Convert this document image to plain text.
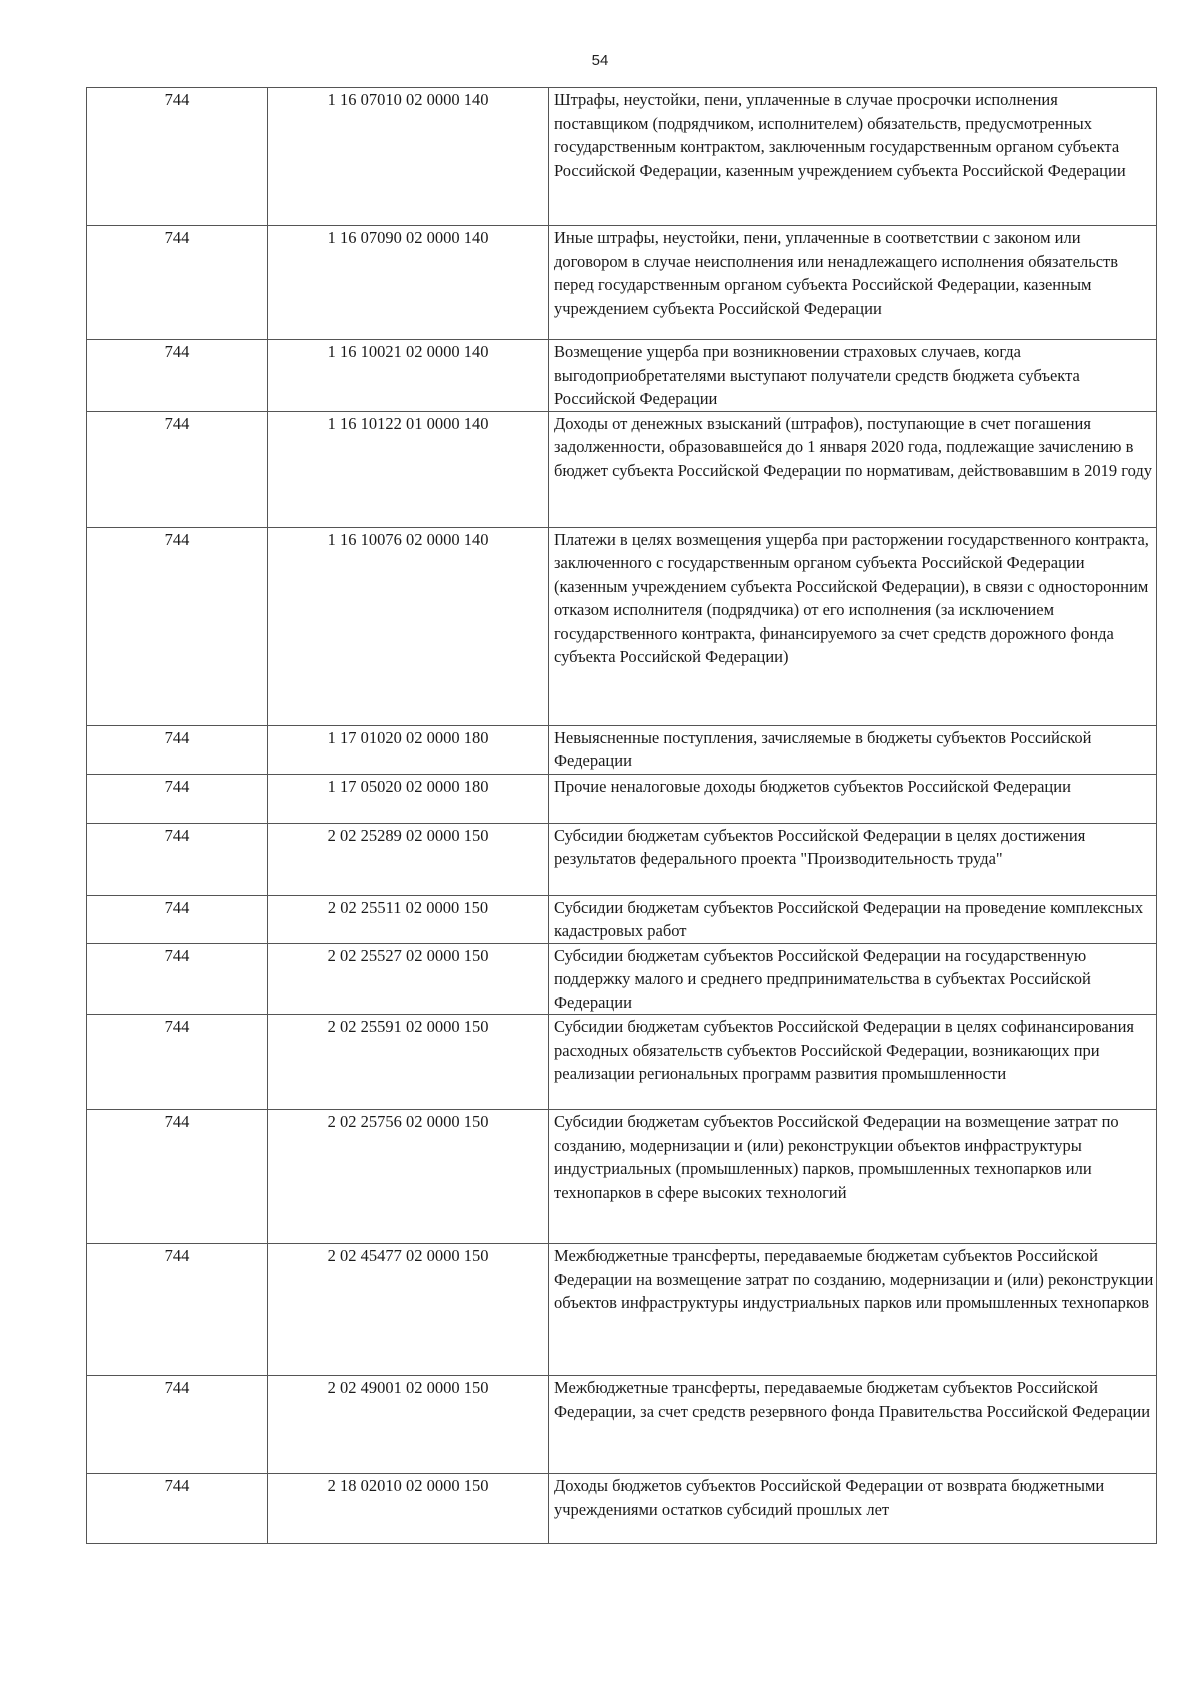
54
744	1 16 07010 02 0000 140	Штрафы, неустойки, пени, уплаченные в случае просрочки исполнения поставщиком (подрядчиком, исполнителем) обязательств, предусмотренных государственным контрактом, заключенным государственным органом субъекта Российской Федерации, казенным учреждением субъекта Российской Федерации

744	1 16 07090 02 0000 140	Иные штрафы, неустойки, пени, уплаченные в соответствии с законом или договором в случае неисполнения или ненадлежащего исполнения обязательств перед государственным органом субъекта Российской Федерации, казенным учреждением субъекта Российской Федерации

744	1 16 10021 02 0000 140	Возмещение ущерба при возникновении страховых случаев, когда выгодоприобретателями выступают получатели средств бюджета субъекта Российской Федерации

744	1 16 10122 01 0000 140	Доходы от денежных взысканий (штрафов), поступающие в счет погашения задолженности, образовавшейся до 1 января 2020 года, подлежащие зачислению в бюджет субъекта Российской Федерации по нормативам, действовавшим в 2019 году

744	1 16 10076 02 0000 140	Платежи в целях возмещения ущерба при расторжении государственного контракта, заключенного с государственным органом субъекта Российской Федерации (казенным учреждением субъекта Российской Федерации), в связи с односторонним отказом исполнителя (подрядчика) от его исполнения (за исключением государственного контракта, финансируемого за счет средств дорожного фонда субъекта Российской Федерации)

744	1 17 01020 02 0000 180	Невыясненные поступления, зачисляемые в бюджеты субъектов Российской Федерации

744	1 17 05020 02 0000 180	Прочие неналоговые доходы бюджетов субъектов Российской Федерации

744	2 02 25289 02 0000 150	Субсидии бюджетам субъектов Российской Федерации в целях достижения результатов федерального проекта "Производительность труда"

744	2 02 25511 02 0000 150	Субсидии бюджетам субъектов Российской Федерации на проведение комплексных кадастровых работ

744	2 02 25527 02 0000 150	Субсидии бюджетам субъектов Российской Федерации на государственную поддержку малого и среднего предпринимательства в субъектах Российской Федерации

744	2 02 25591 02 0000 150	Субсидии бюджетам субъектов Российской Федерации в целях софинансирования расходных обязательств субъектов Российской Федерации, возникающих при реализации региональных программ развития промышленности

744	2 02 25756 02 0000 150	Субсидии бюджетам субъектов Российской Федерации на возмещение затрат по созданию, модернизации и (или) реконструкции объектов инфраструктуры индустриальных (промышленных) парков, промышленных технопарков или технопарков в сфере высоких технологий

744	2 02 45477 02 0000 150	Межбюджетные трансферты, передаваемые бюджетам субъектов Российской Федерации на возмещение затрат по созданию, модернизации и (или) реконструкции объектов инфраструктуры индустриальных парков или промышленных технопарков

744	2 02 49001 02 0000 150	Межбюджетные трансферты, передаваемые бюджетам субъектов Российской Федерации, за счет средств резервного фонда Правительства Российской Федерации

744	2 18 02010 02 0000 150	Доходы бюджетов субъектов Российской Федерации от возврата бюджетными учреждениями остатков субсидий прошлых лет
